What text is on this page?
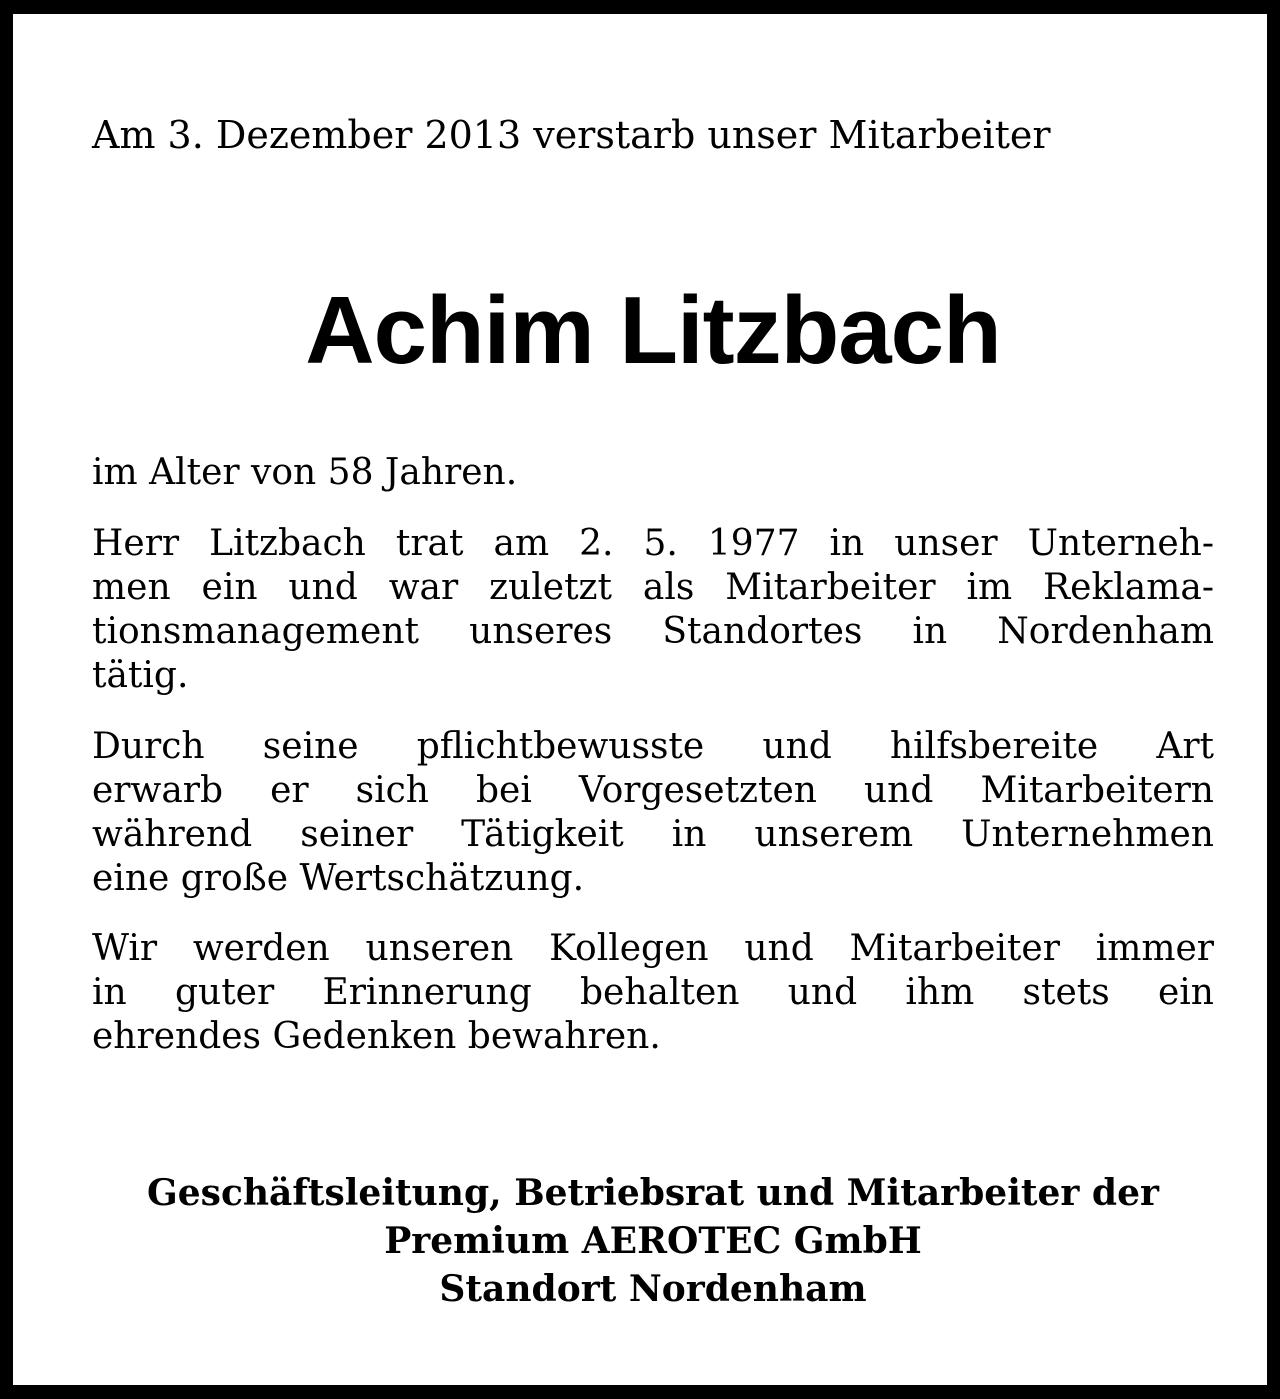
Am 3. Dezember 2013 verstarb unser Mitarbeiter
Achim Litzbach
im Alter von 58 Jahren.
Herr Litzbach trat am 2. 5. 1977 in unser Unterneh-
men ein und war zuletzt als Mitarbeiter im Reklama-
tionsmanagement unseres Standortes in Nordenham
tätig.
Durch seine pflichtbewusste und hilfsbereite Art
erwarb er sich bei Vorgesetzten und Mitarbeitern
während seiner Tätigkeit in unserem Unternehmen
eine große Wertschätzung.
Wir werden unseren Kollegen und Mitarbeiter immer
in guter Erinnerung behalten und ihm stets ein
ehrendes Gedenken bewahren.
Geschäftsleitung, Betriebsrat und Mitarbeiter der
Premium AEROTEC GmbH
Standort Nordenham
